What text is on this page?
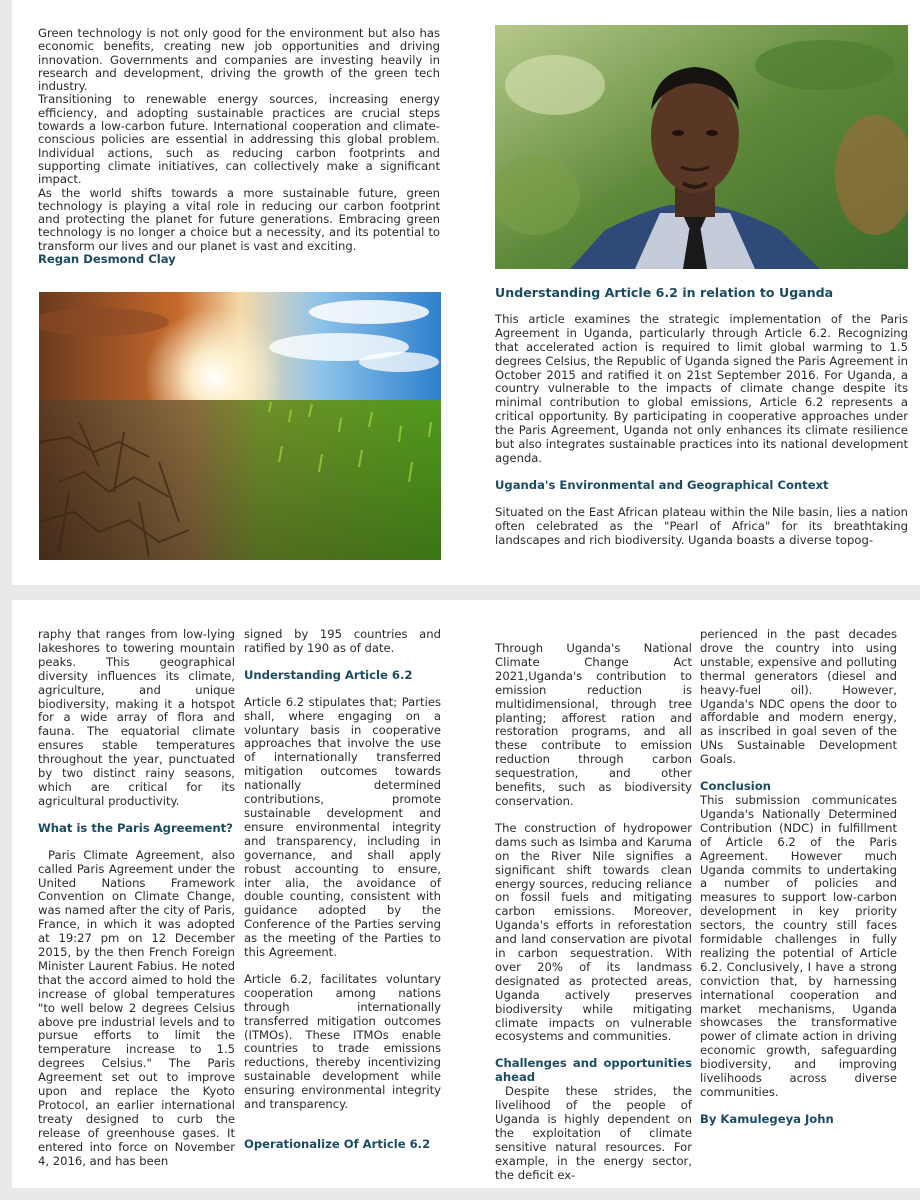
Green technology is not only good for the environment but also has economic benefits, creating new job opportunities and driving innovation. Governments and companies are investing heavily in research and development, driving the growth of the green tech industry.

Transitioning to renewable energy sources, increasing energy efficiency, and adopting sustainable practices are crucial steps towards a low-carbon future. International cooperation and climate-conscious policies are essential in addressing this global problem. Individual actions, such as reducing carbon footprints and supporting climate initiatives, can collectively make a significant impact.

As the world shifts towards a more sustainable future, green technology is playing a vital role in reducing our carbon footprint and protecting the planet for future generations. Embracing green technology is no longer a choice but a necessity, and its potential to transform our lives and our planet is vast and exciting.

Regan Desmond Clay

Understanding Article 6.2 in relation to Uganda

This article examines the strategic implementation of the Paris Agreement in Uganda, particularly through Article 6.2. Recognizing that accelerated action is required to limit global warming to 1.5 degrees Celsius, the Republic of Uganda signed the Paris Agreement in October 2015 and ratified it on 21st September 2016. For Uganda, a country vulnerable to the impacts of climate change despite its minimal contribution to global emissions, Article 6.2 represents a critical opportunity. By participating in cooperative approaches under the Paris Agreement, Uganda not only enhances its climate resilience but also integrates sustainable practices into its national development agenda.

Uganda's Environmental and Geographical Context

Situated on the East African plateau within the Nile basin, lies a nation often celebrated as the "Pearl of Africa" for its breathtaking landscapes and rich biodiversity. Uganda boasts a diverse topog-

raphy that ranges from low-lying lakeshores to towering mountain peaks. This geographical diversity influences its climate, agriculture, and unique biodiversity, making it a hotspot for a wide array of flora and fauna. The equatorial climate ensures stable temperatures throughout the year, punctuated by two distinct rainy seasons, which are critical for its agricultural productivity.

What is the Paris Agreement?

Paris Climate Agreement, also called Paris Agreement under the United Nations Framework Convention on Climate Change, was named after the city of Paris, France, in which it was adopted at 19:27 pm on 12 December 2015, by the then French Foreign Minister Laurent Fabius. He noted that the accord aimed to hold the increase of global temperatures "to well below 2 degrees Celsius above pre industrial levels and to pursue efforts to limit the temperature increase to 1.5 degrees Celsius." The Paris Agreement set out to improve upon and replace the Kyoto Protocol, an earlier international treaty designed to curb the release of greenhouse gases. It entered into force on November 4, 2016, and has been

signed by 195 countries and ratified by 190 as of date.

Understanding Article 6.2

Article 6.2 stipulates that; Parties shall, where engaging on a voluntary basis in cooperative approaches that involve the use of internationally transferred mitigation outcomes towards nationally determined contributions, promote sustainable development and ensure environmental integrity and transparency, including in governance, and shall apply robust accounting to ensure, inter alia, the avoidance of double counting, consistent with guidance adopted by the Conference of the Parties serving as the meeting of the Parties to this Agreement.

Article 6.2, facilitates voluntary cooperation among nations through internationally transferred mitigation outcomes (ITMOs). These ITMOs enable countries to trade emissions reductions, thereby incentivizing sustainable development while ensuring environmental integrity and transparency.

Operationalize Of Article 6.2

Through Uganda's National Climate Change Act 2021,Uganda's contribution to emission reduction is multidimensional, through tree planting; afforest ration and restoration programs, and all these contribute to emission reduction through carbon sequestration, and other benefits, such as biodiversity conservation.

The construction of hydropower dams such as Isimba and Karuma on the River Nile signifies a significant shift towards clean energy sources, reducing reliance on fossil fuels and mitigating carbon emissions. Moreover, Uganda's efforts in reforestation and land conservation are pivotal in carbon sequestration. With over 20% of its landmass designated as protected areas, Uganda actively preserves biodiversity while mitigating climate impacts on vulnerable ecosystems and communities.

Challenges and opportunities ahead

Despite these strides, the livelihood of the people of Uganda is highly dependent on the exploitation of climate sensitive natural resources. For example, in the energy sector, the deficit ex-

perienced in the past decades drove the country into using unstable, expensive and polluting thermal generators (diesel and heavy-fuel oil). However, Uganda's NDC opens the door to affordable and modern energy, as inscribed in goal seven of the UNs Sustainable Development Goals.

Conclusion

This submission communicates Uganda's Nationally Determined Contribution (NDC) in fulfillment of Article 6.2 of the Paris Agreement. However much Uganda commits to undertaking a number of policies and measures to support low-carbon development in key priority sectors, the country still faces formidable challenges in fully realizing the potential of Article 6.2. Conclusively, I have a strong conviction that, by harnessing international cooperation and market mechanisms, Uganda showcases the transformative power of climate action in driving economic growth, safeguarding biodiversity, and improving livelihoods across diverse communities.

By Kamulegeya John
